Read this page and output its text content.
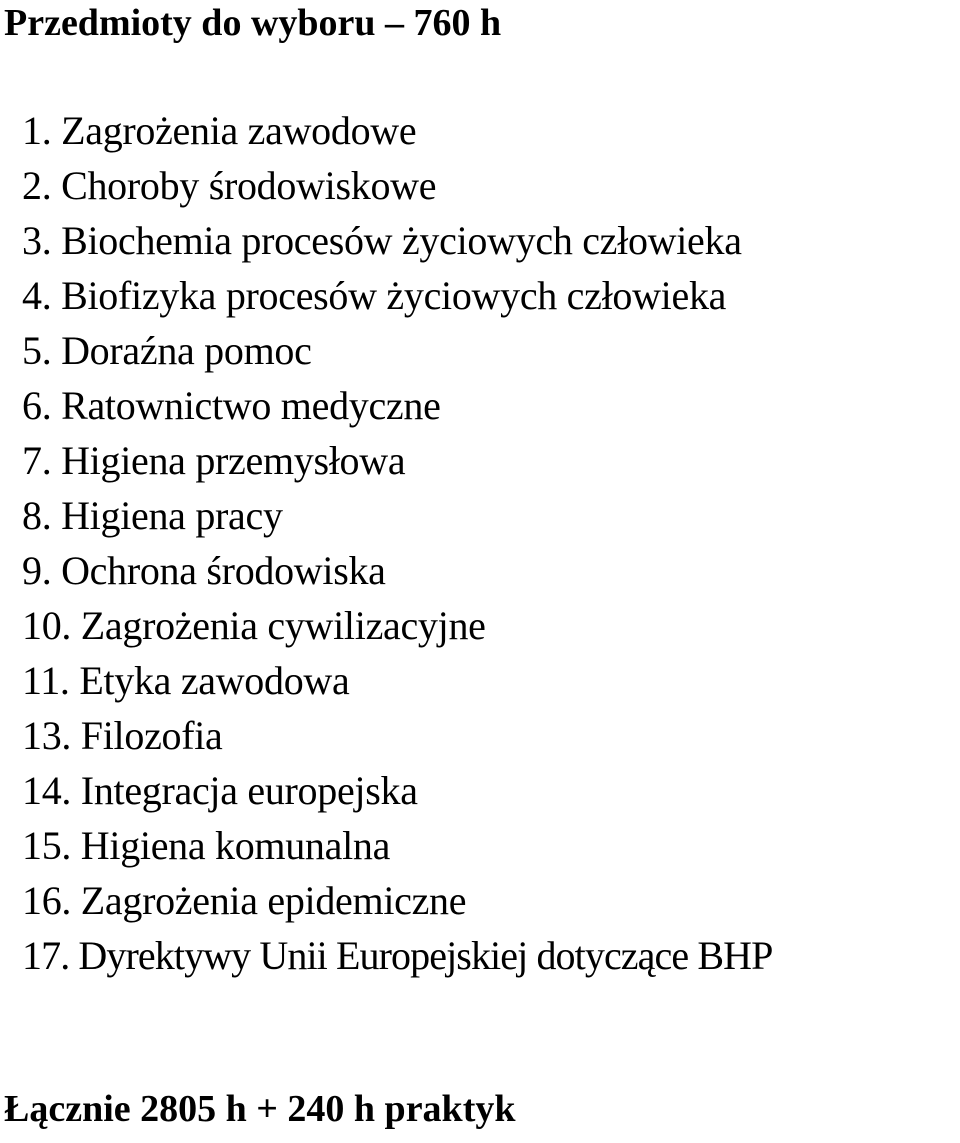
Przedmioty do wyboru – 760 h
1. Zagrożenia zawodowe
2. Choroby środowiskowe
3. Biochemia procesów życiowych człowieka
4. Biofizyka procesów życiowych człowieka
5. Doraźna pomoc
6. Ratownictwo medyczne
7. Higiena przemysłowa
8. Higiena pracy
9. Ochrona środowiska
10. Zagrożenia cywilizacyjne
11. Etyka zawodowa
13. Filozofia
14. Integracja europejska
15. Higiena komunalna
16. Zagrożenia epidemiczne
17. Dyrektywy Unii Europejskiej dotyczące BHP

Łącznie 2805 h + 240 h praktyk
